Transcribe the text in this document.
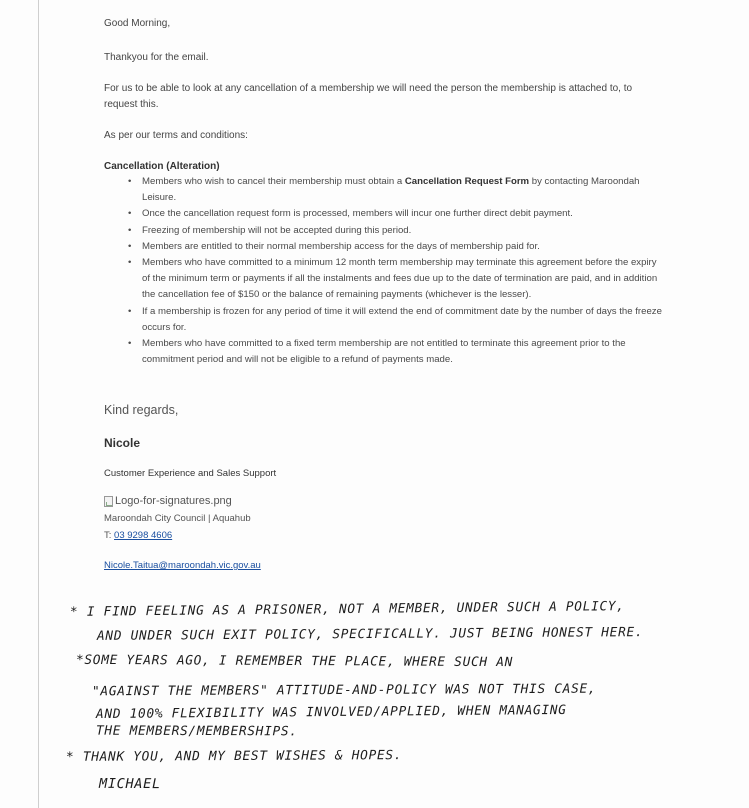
Good Morning,

Thankyou for the email.

For us to be able to look at any cancellation of a membership we will need the person the membership is attached to, to request this.

As per our terms and conditions:

Cancellation (Alteration)

• Members who wish to cancel their membership must obtain a Cancellation Request Form by contacting Maroondah Leisure.
• Once the cancellation request form is processed, members will incur one further direct debit payment.
• Freezing of membership will not be accepted during this period.
• Members are entitled to their normal membership access for the days of membership paid for.
• Members who have committed to a minimum 12 month term membership may terminate this agreement before the expiry of the minimum term or payments if all the instalments and fees due up to the date of termination are paid, and in addition the cancellation fee of $150 or the balance of remaining payments (whichever is the lesser).
• If a membership is frozen for any period of time it will extend the end of commitment date by the number of days the freeze occurs for.
• Members who have committed to a fixed term membership are not entitled to terminate this agreement prior to the commitment period and will not be eligible to a refund of payments made.
Kind regards,
Nicole
Customer Experience and Sales Support
Logo-for-signatures.png
Maroondah City Council | Aquahub
T: 03 9298 4606
Nicole.Taitua@maroondah.vic.gov.au
* I FIND FEELING AS A PRISONER, NOT A MEMBER, UNDER SUCH A POLICY,
AND UNDER SUCH EXIT POLICY, SPECIFICALLY. JUST BEING HONEST HERE.
*SOME YEARS AGO, I REMEMBER THE PLACE, WHERE SUCH AN
"AGAINST THE MEMBERS" ATTITUDE-AND-POLICY WAS NOT THIS CASE,
AND 100% FLEXIBILITY WAS INVOLVED/APPLIED, WHEN MANAGING
THE MEMBERS/MEMBERSHIPS.
* THANK YOU, AND MY BEST WISHES & HOPES.
MICHAEL
